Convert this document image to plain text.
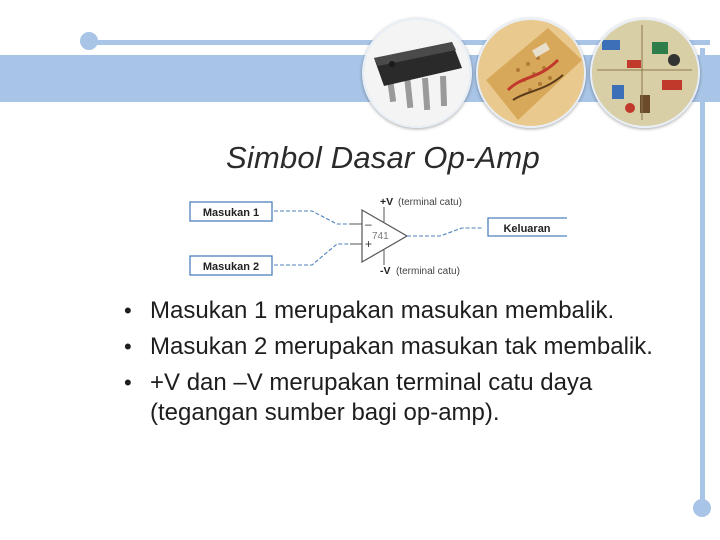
Simbol Dasar Op-Amp
Masukan 1
Masukan 2
–
+
741
+V (terminal catu)
-V (terminal catu)
Keluaran
• Masukan 1 merupakan masukan membalik.
• Masukan 2 merupakan masukan tak membalik.
• +V dan –V merupakan terminal catu daya (tegangan sumber bagi op-amp).
